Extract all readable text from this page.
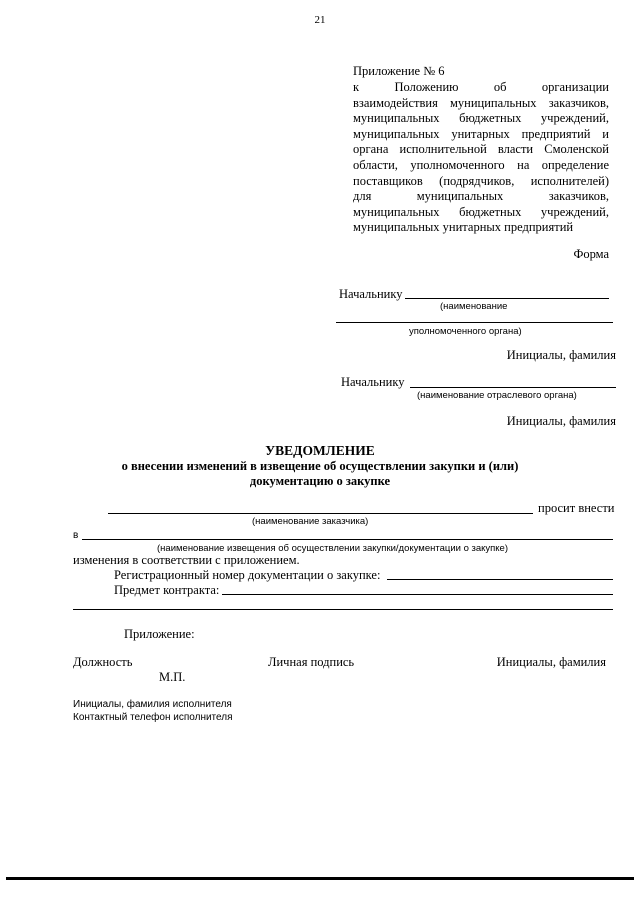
21
Приложение № 6
к Положению об организации
взаимодействия муниципальных заказчиков,
муниципальных бюджетных учреждений,
муниципальных унитарных предприятий и
органа исполнительной власти Смоленской
области, уполномоченного на определение
поставщиков (подрядчиков, исполнителей)
для муниципальных заказчиков,
муниципальных бюджетных учреждений,
муниципальных унитарных предприятий
Форма
Начальнику
(наименование
уполномоченного органа)
Инициалы, фамилия
Начальнику
(наименование отраслевого органа)
Инициалы, фамилия
УВЕДОМЛЕНИЕ
о внесении изменений в извещение об осуществлении закупки и (или)
документацию о закупке
просит внести
(наименование заказчика)
в
(наименование извещения об осуществлении закупки/документации о закупке)
изменения в соответствии с приложением.
Регистрационный номер документации о закупке:
Предмет контракта:
Приложение:
Должность	Личная подпись	Инициалы, фамилия
М.П.
Инициалы, фамилия исполнителя
Контактный телефон исполнителя
